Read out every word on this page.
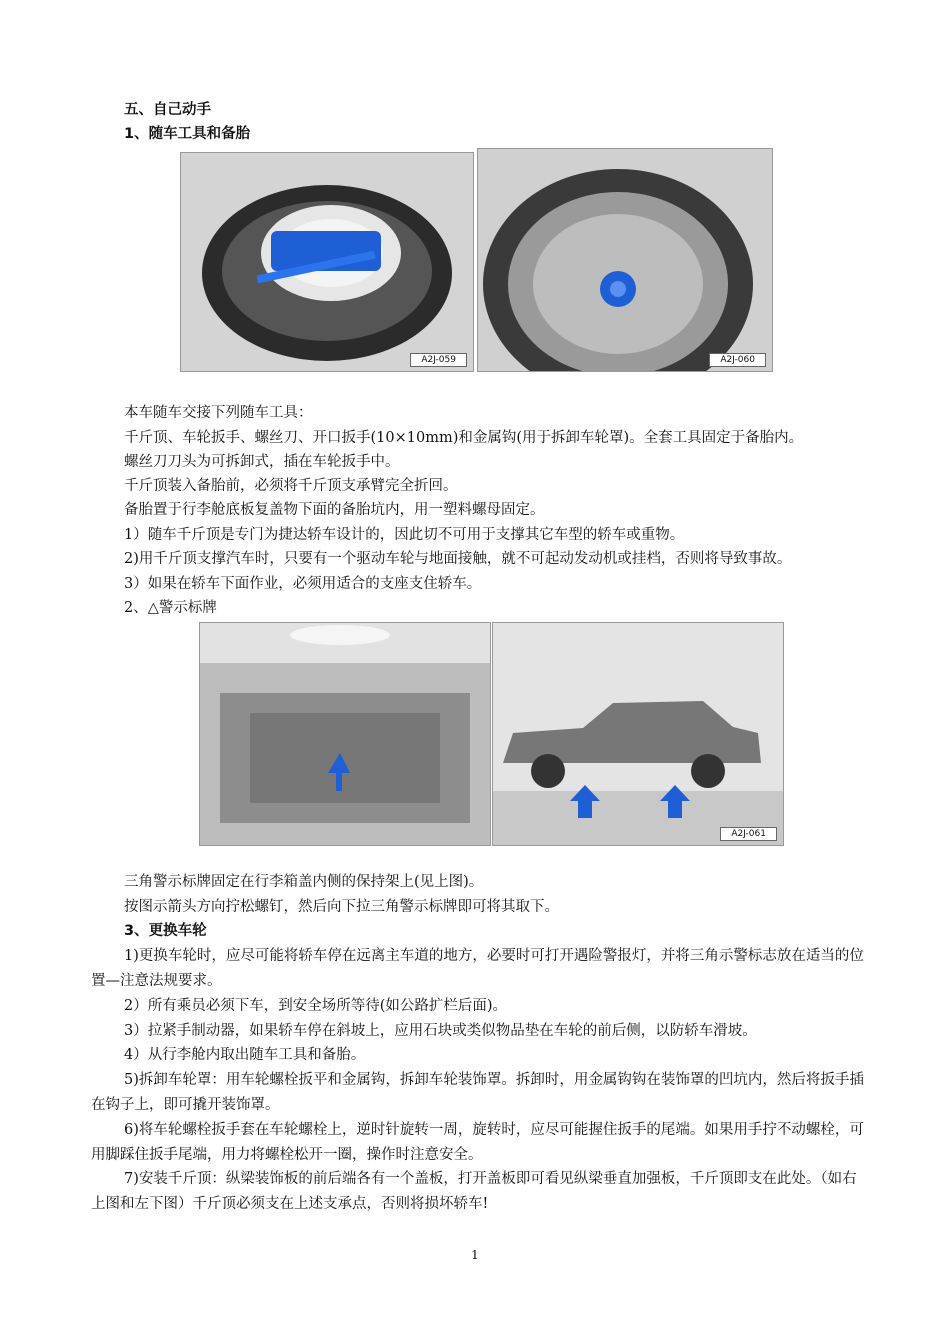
五、自己动手
1、随车工具和备胎
A2J-059	A2J-060
本车随车交接下列随车工具：
千斤顶、车轮扳手、螺丝刀、开口扳手(10×10mm)和金属钩(用于拆卸车轮罩)。全套工具固定于备胎内。
螺丝刀刀头为可拆卸式，插在车轮扳手中。
千斤顶装入备胎前，必须将千斤顶支承臂完全折回。
备胎置于行李舱底板复盖物下面的备胎坑内，用一塑料螺母固定。
1）随车千斤顶是专门为捷达轿车设计的，因此切不可用于支撑其它车型的轿车或重物。
2)用千斤顶支撑汽车时，只要有一个驱动车轮与地面接触，就不可起动发动机或挂档，否则将导致事故。
3）如果在轿车下面作业，必须用适合的支座支住轿车。
2、△警示标牌
A2J-061
三角警示标牌固定在行李箱盖内侧的保持架上(见上图)。
按图示箭头方向拧松螺钉，然后向下拉三角警示标牌即可将其取下。
3、更换车轮
1)更换车轮时，应尽可能将轿车停在远离主车道的地方，必要时可打开遇险警报灯，并将三角示警标志放在适当的位置—注意法规要求。
2）所有乘员必须下车，到安全场所等待(如公路扩栏后面)。
3）拉紧手制动器，如果轿车停在斜坡上，应用石块或类似物品垫在车轮的前后侧，以防轿车滑坡。
4）从行李舱内取出随车工具和备胎。
5)拆卸车轮罩：用车轮螺栓扳平和金属钩，拆卸车轮装饰罩。拆卸时，用金属钩钩在装饰罩的凹坑内，然后将扳手插在钩子上，即可撬开装饰罩。
6)将车轮螺栓扳手套在车轮螺栓上，逆时针旋转一周，旋转时，应尽可能握住扳手的尾端。如果用手拧不动螺栓，可用脚踩住扳手尾端，用力将螺栓松开一圈，操作时注意安全。
7)安装千斤顶：纵梁装饰板的前后端各有一个盖板，打开盖板即可看见纵梁垂直加强板，千斤顶即支在此处。（如右上图和左下图）千斤顶必须支在上述支承点，否则将损坏轿车!
1
